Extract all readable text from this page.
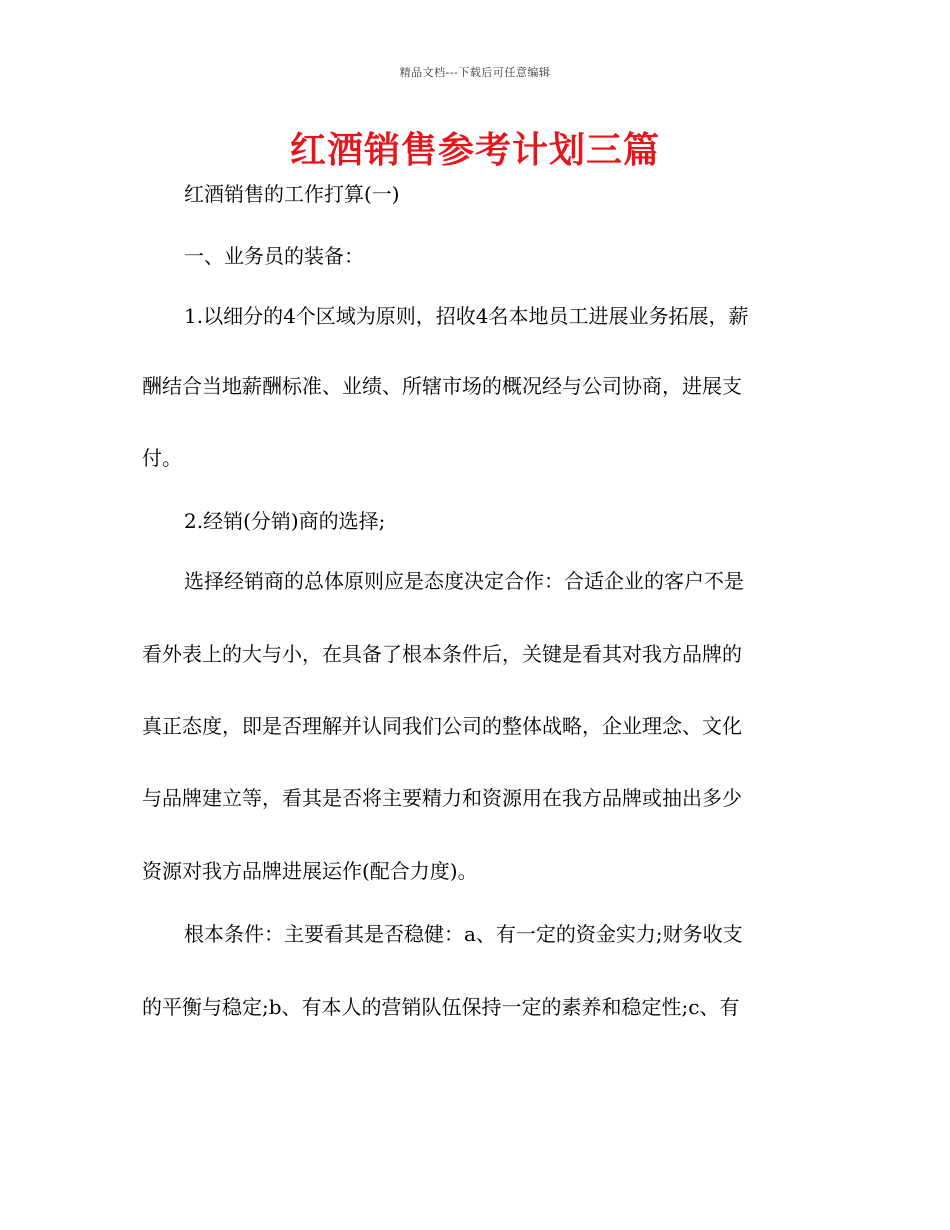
精品文档---下载后可任意编辑
红酒销售参考计划三篇
红酒销售的工作打算(一)
一、业务员的装备：
1.以细分的4个区域为原则，招收4名本地员工进展业务拓展，薪
酬结合当地薪酬标准、业绩、所辖市场的概况经与公司协商，进展支
付。
2.经销(分销)商的选择;
选择经销商的总体原则应是态度决定合作：合适企业的客户不是
看外表上的大与小，在具备了根本条件后，关键是看其对我方品牌的
真正态度，即是否理解并认同我们公司的整体战略，企业理念、文化
与品牌建立等，看其是否将主要精力和资源用在我方品牌或抽出多少
资源对我方品牌进展运作(配合力度)。
根本条件：主要看其是否稳健：a、有一定的资金实力;财务收支
的平衡与稳定;b、有本人的营销队伍保持一定的素养和稳定性;c、有
